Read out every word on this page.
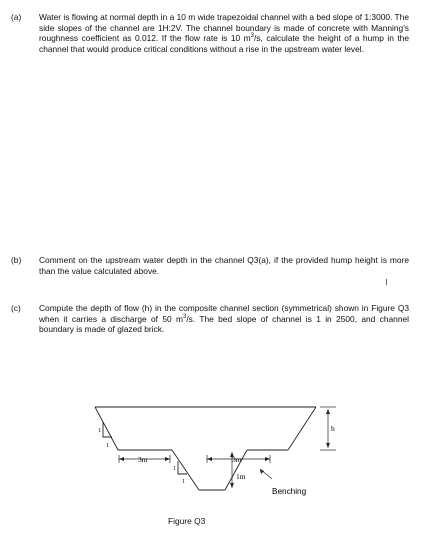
(a) Water is flowing at normal depth in a 10 m wide trapezoidal channel with a bed slope of 1:3000. The side slopes of the channel are 1H:2V. The channel boundary is made of concrete with Manning's roughness coefficient as 0.012. If the flow rate is 10 $m^3/s$, calculate the height of a hump in the channel that would produce critical conditions without a rise in the upstream water level.
(b) Comment on the upstream water depth in the channel Q3(a), if the provided hump height is more than the value calculated above.
(c) Compute the depth of flow (h) in the composite channel section (symmetrical) shown in Figure Q3 when it carries a discharge of 50 $m^3/s$. The bed slope of channel is 1 in 2500, and channel boundary is made of glazed brick.
3m	3m
1m
h
1
1
1
1
Benching
Figure Q3
